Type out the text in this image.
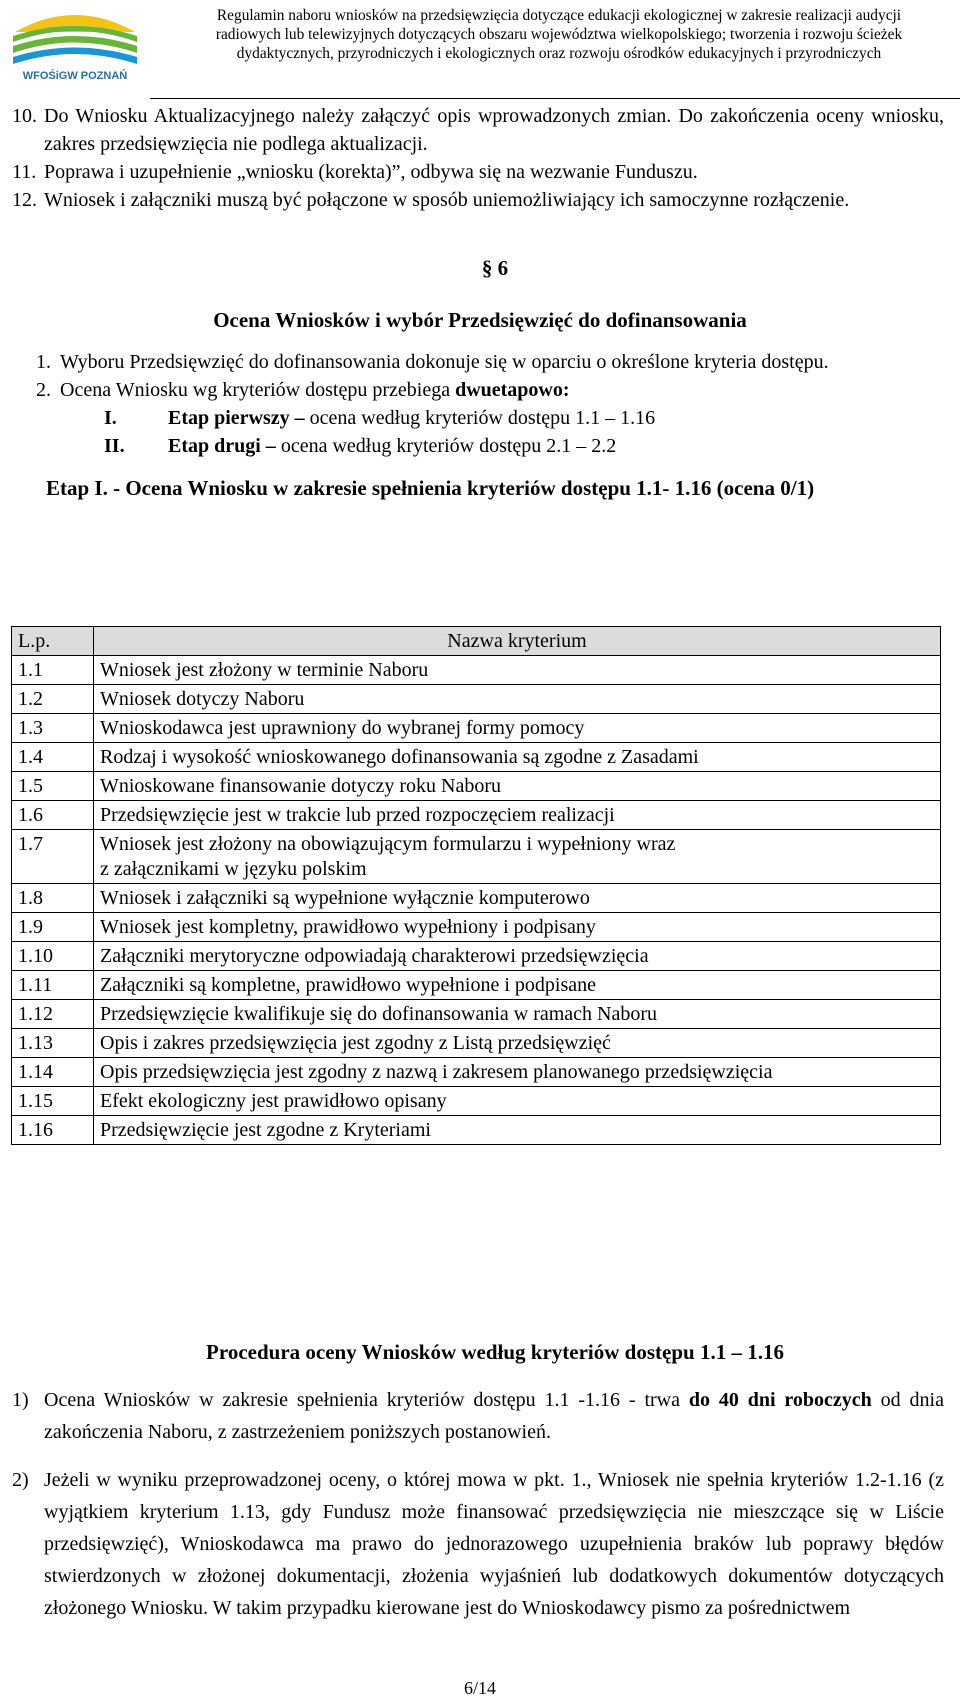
WFOŚiGW POZNAŃ
Regulamin naboru wniosków na przedsięwzięcia dotyczące edukacji ekologicznej w zakresie realizacji audycji
radiowych lub telewizyjnych dotyczących obszaru województwa wielkopolskiego; tworzenia i rozwoju ścieżek
dydaktycznych, przyrodniczych i ekologicznych oraz rozwoju ośrodków edukacyjnych i przyrodniczych
10. Do Wniosku Aktualizacyjnego należy załączyć opis wprowadzonych zmian. Do zakończenia oceny wniosku, zakres przedsięwzięcia nie podlega aktualizacji.
11. Poprawa i uzupełnienie „wniosku (korekta)”, odbywa się na wezwanie Funduszu.
12. Wniosek i załączniki muszą być połączone w sposób uniemożliwiający ich samoczynne rozłączenie.
§ 6
Ocena Wniosków i wybór Przedsięwzięć do dofinansowania
1. Wyboru Przedsięwzięć do dofinansowania dokonuje się w oparciu o określone kryteria dostępu.
2. Ocena Wniosku wg kryteriów dostępu przebiega dwuetapowo:
I.	Etap pierwszy – ocena według kryteriów dostępu 1.1 – 1.16
II. Etap drugi – ocena według kryteriów dostępu 2.1 – 2.2
Etap I. - Ocena Wniosku w zakresie spełnienia kryteriów dostępu 1.1- 1.16 (ocena 0/1)
L.p.	Nazwa kryterium
1.1	Wniosek jest złożony w terminie Naboru
1.2	Wniosek dotyczy Naboru
1.3	Wnioskodawca jest uprawniony do wybranej formy pomocy
1.4	Rodzaj i wysokość wnioskowanego dofinansowania są zgodne z Zasadami
1.5	Wnioskowane finansowanie dotyczy roku Naboru
1.6	Przedsięwzięcie jest w trakcie lub przed rozpoczęciem realizacji
1.7	Wniosek jest złożony na obowiązującym formularzu i wypełniony wraz
z załącznikami w języku polskim
1.8	Wniosek i załączniki są wypełnione wyłącznie komputerowo
1.9	Wniosek jest kompletny, prawidłowo wypełniony i podpisany
1.10	Załączniki merytoryczne odpowiadają charakterowi przedsięwzięcia
1.11	Załączniki są kompletne, prawidłowo wypełnione i podpisane
1.12	Przedsięwzięcie kwalifikuje się do dofinansowania w ramach Naboru
1.13	Opis i zakres przedsięwzięcia jest zgodny z Listą przedsięwzięć
1.14	Opis przedsięwzięcia jest zgodny z nazwą i zakresem planowanego przedsięwzięcia
1.15	Efekt ekologiczny jest prawidłowo opisany
1.16	Przedsięwzięcie jest zgodne z Kryteriami
Procedura oceny Wniosków według kryteriów dostępu 1.1 – 1.16
1) Ocena Wniosków w zakresie spełnienia kryteriów dostępu 1.1 -1.16 - trwa do 40 dni roboczych od dnia zakończenia Naboru, z zastrzeżeniem poniższych postanowień.
2) Jeżeli w wyniku przeprowadzonej oceny, o której mowa w pkt. 1., Wniosek nie spełnia kryteriów 1.2-1.16 (z wyjątkiem kryterium 1.13, gdy Fundusz może finansować przedsięwzięcia nie mieszczące się w Liście przedsięwzięć), Wnioskodawca ma prawo do jednorazowego uzupełnienia braków lub poprawy błędów stwierdzonych w złożonej dokumentacji, złożenia wyjaśnień lub dodatkowych dokumentów dotyczących złożonego Wniosku. W takim przypadku kierowane jest do Wnioskodawcy pismo za pośrednictwem
6/14
